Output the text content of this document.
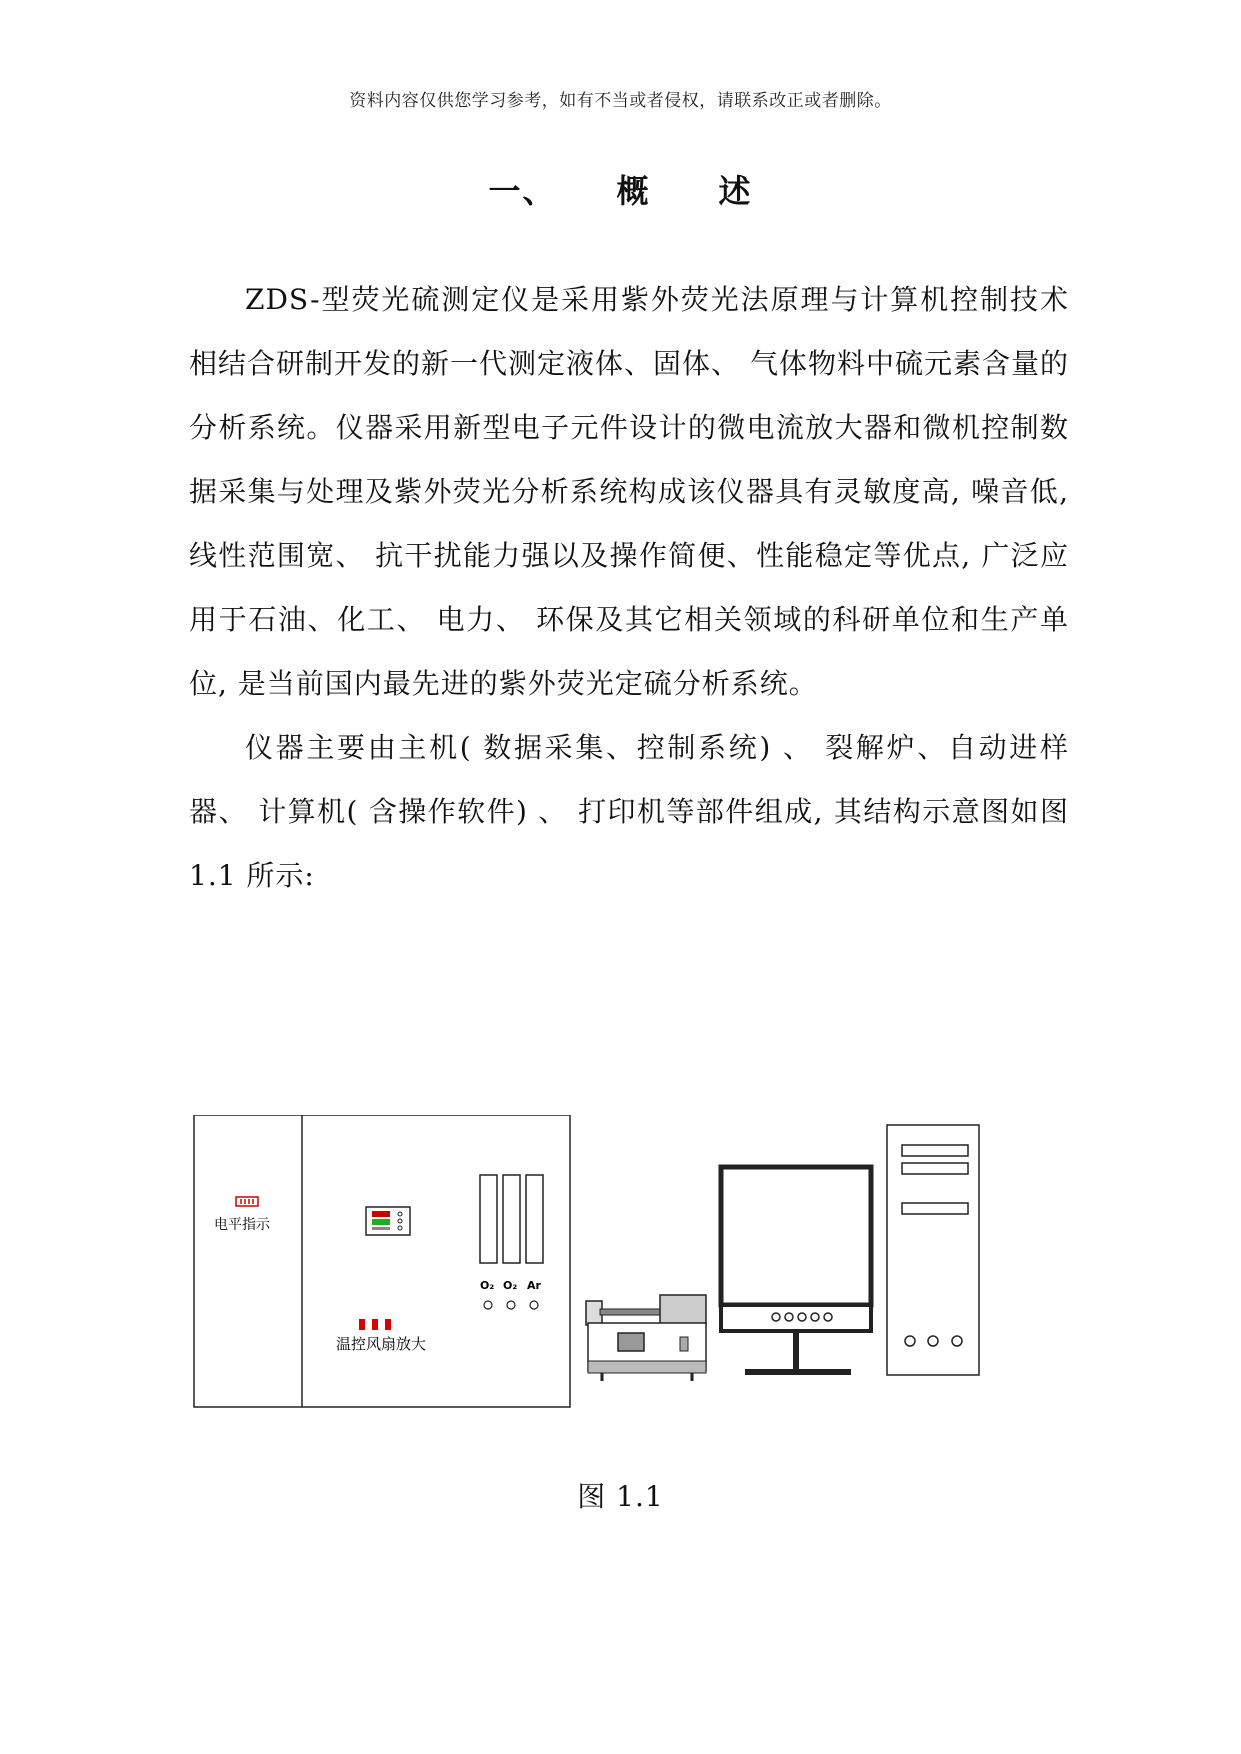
资料内容仅供您学习参考，如有不当或者侵权，请联系改正或者删除。
一、 概　　述

ZDS-型荧光硫测定仪是采用紫外荧光法原理与计算机控制技术相结合研制开发的新一代测定液体、固体、 气体物料中硫元素含量的分析系统。仪器采用新型电子元件设计的微电流放大器和微机控制数据采集与处理及紫外荧光分析系统构成该仪器具有灵敏度高, 噪音低, 线性范围宽、 抗干扰能力强以及操作简便、性能稳定等优点, 广泛应用于石油、化工、 电力、 环保及其它相关领域的科研单位和生产单位, 是当前国内最先进的紫外荧光定硫分析系统。

仪器主要由主机( 数据采集、控制系统) 、 裂解炉、自动进样器、 计算机( 含操作软件) 、 打印机等部件组成, 其结构示意图如图 1.1 所示:

电平指示
温控风扇放大
O₂ O₂ Ar
图 1.1
